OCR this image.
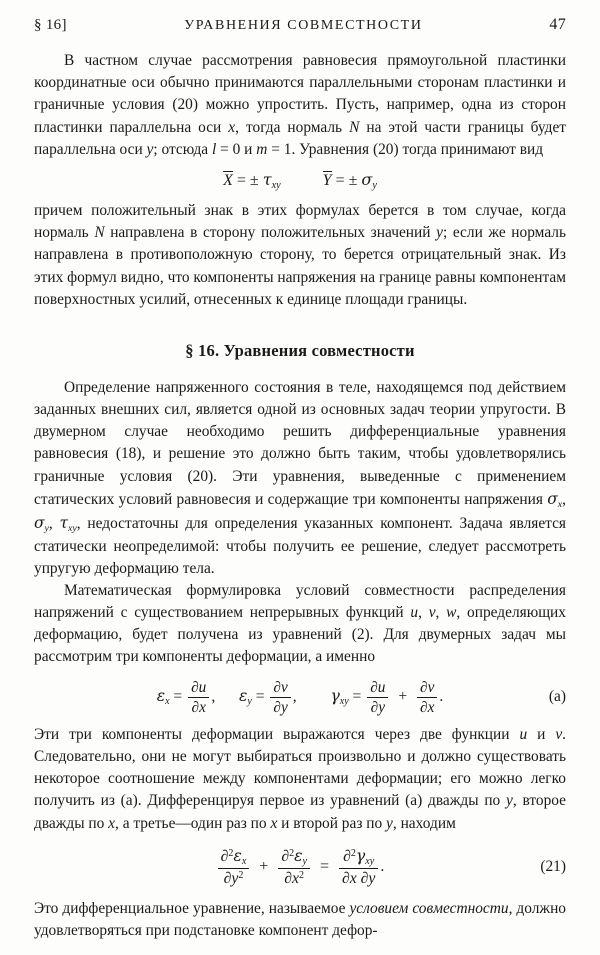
§ 16]	УРАВНЕНИЯ СОВМЕСТНОСТИ	47

В частном случае рассмотрения равновесия прямоугольной пластинки координатные оси обычно принимаются параллельными сторонам пластинки и граничные условия (20) можно упростить. Пусть, например, одна из сторон пластинки параллельна оси x, тогда нормаль N на этой части границы будет параллельна оси y; отсюда l = 0 и m = 1. Уравнения (20) тогда принимают вид

X = ± $\tau_{xy}$	Y = ± $\sigma_y$

причем положительный знак в этих формулах берется в том случае, когда нормаль N направлена в сторону положительных значений y; если же нормаль направлена в противоположную сторону, то берется отрицательный знак. Из этих формул видно, что компоненты напряжения на границе равны компонентам поверхностных усилий, отнесенных к единице площади границы.

§ 16. Уравнения совместности

Определение напряженного состояния в теле, находящемся под действием заданных внешних сил, является одной из основных задач теории упругости. В двумерном случае необходимо решить дифференциальные уравнения равновесия (18), и решение это должно быть таким, чтобы удовлетворялись граничные условия (20). Эти уравнения, выведенные с применением статических условий равновесия и содержащие три компоненты напряжения $\sigma_x$, $\sigma_y$, $\tau_{xy}$, недостаточны для определения указанных компонент. Задача является статически неопределимой: чтобы получить ее решение, следует рассмотреть упругую деформацию тела.

Математическая формулировка условий совместности распределения напряжений с существованием непрерывных функций u, v, w, определяющих деформацию, будет получена из уравнений (2). Для двумерных задач мы рассмотрим три компоненты деформации, а именно

$\varepsilon_x = \frac{\partial u}{\partial x}$ ,  $\varepsilon_y = \frac{\partial v}{\partial y}$ ,  $\gamma_{xy} = \frac{\partial u}{\partial y} + \frac{\partial v}{\partial x}$ .	(а)

Эти три компоненты деформации выражаются через две функции u и v. Следовательно, они не могут выбираться произвольно и должно существовать некоторое соотношение между компонентами деформации; его можно легко получить из (а). Дифференцируя первое из уравнений (а) дважды по y, второе дважды по x, а третье—один раз по x и второй раз по y, находим

$\frac{\partial^2\varepsilon_x}{\partial y^2} + \frac{\partial^2\varepsilon_y}{\partial x^2} = \frac{\partial^2\gamma_{xy}}{\partial x \partial y}$ .	(21)

Это дифференциальное уравнение, называемое условием совместности, должно удовлетворяться при подстановке компонент дефор-
